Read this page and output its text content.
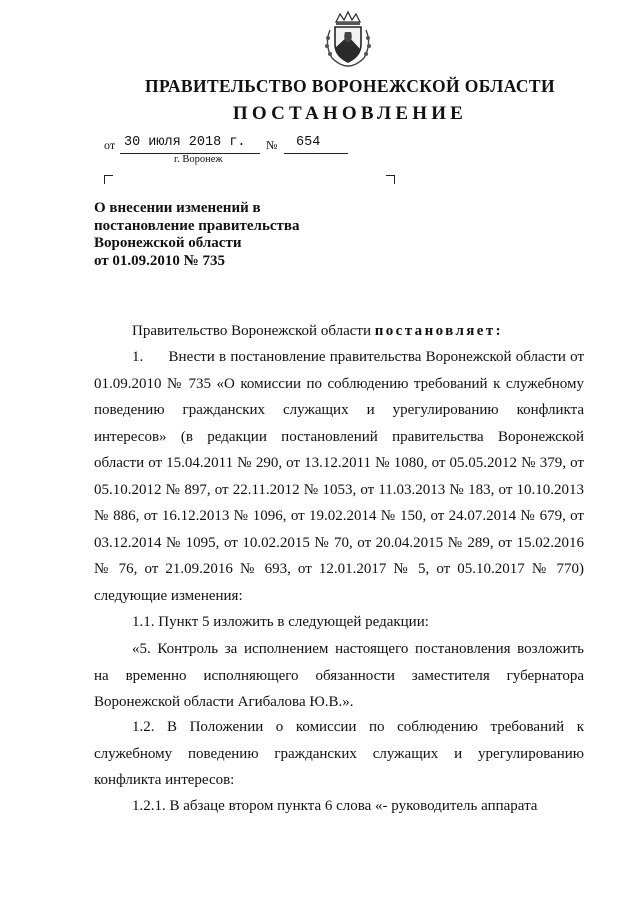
ПРАВИТЕЛЬСТВО ВОРОНЕЖСКОЙ ОБЛАСТИ
ПОСТАНОВЛЕНИЕ
от 30 июля 2018 г. № 654
г. Воронеж
О внесении изменений в
постановление правительства
Воронежской области
от 01.09.2010 № 735
Правительство Воронежской области постановляет:
1. Внести в постановление правительства Воронежской области от 01.09.2010 № 735 «О комиссии по соблюдению требований к служебному поведению гражданских служащих и урегулированию конфликта интересов» (в редакции постановлений правительства Воронежской области от 15.04.2011 № 290, от 13.12.2011 № 1080, от 05.05.2012 № 379, от 05.10.2012 № 897, от 22.11.2012 № 1053, от 11.03.2013 № 183, от 10.10.2013 № 886, от 16.12.2013 № 1096, от 19.02.2014 № 150, от 24.07.2014 № 679, от 03.12.2014 № 1095, от 10.02.2015 № 70, от 20.04.2015 № 289, от 15.02.2016 № 76, от 21.09.2016 № 693, от 12.01.2017 № 5, от 05.10.2017 № 770) следующие изменения:
1.1. Пункт 5 изложить в следующей редакции:
«5. Контроль за исполнением настоящего постановления возложить на временно исполняющего обязанности заместителя губернатора Воронежской области Агибалова Ю.В.».
1.2. В Положении о комиссии по соблюдению требований к служебному поведению гражданских служащих и урегулированию конфликта интересов:
1.2.1. В абзаце втором пункта 6 слова «- руководитель аппарата
